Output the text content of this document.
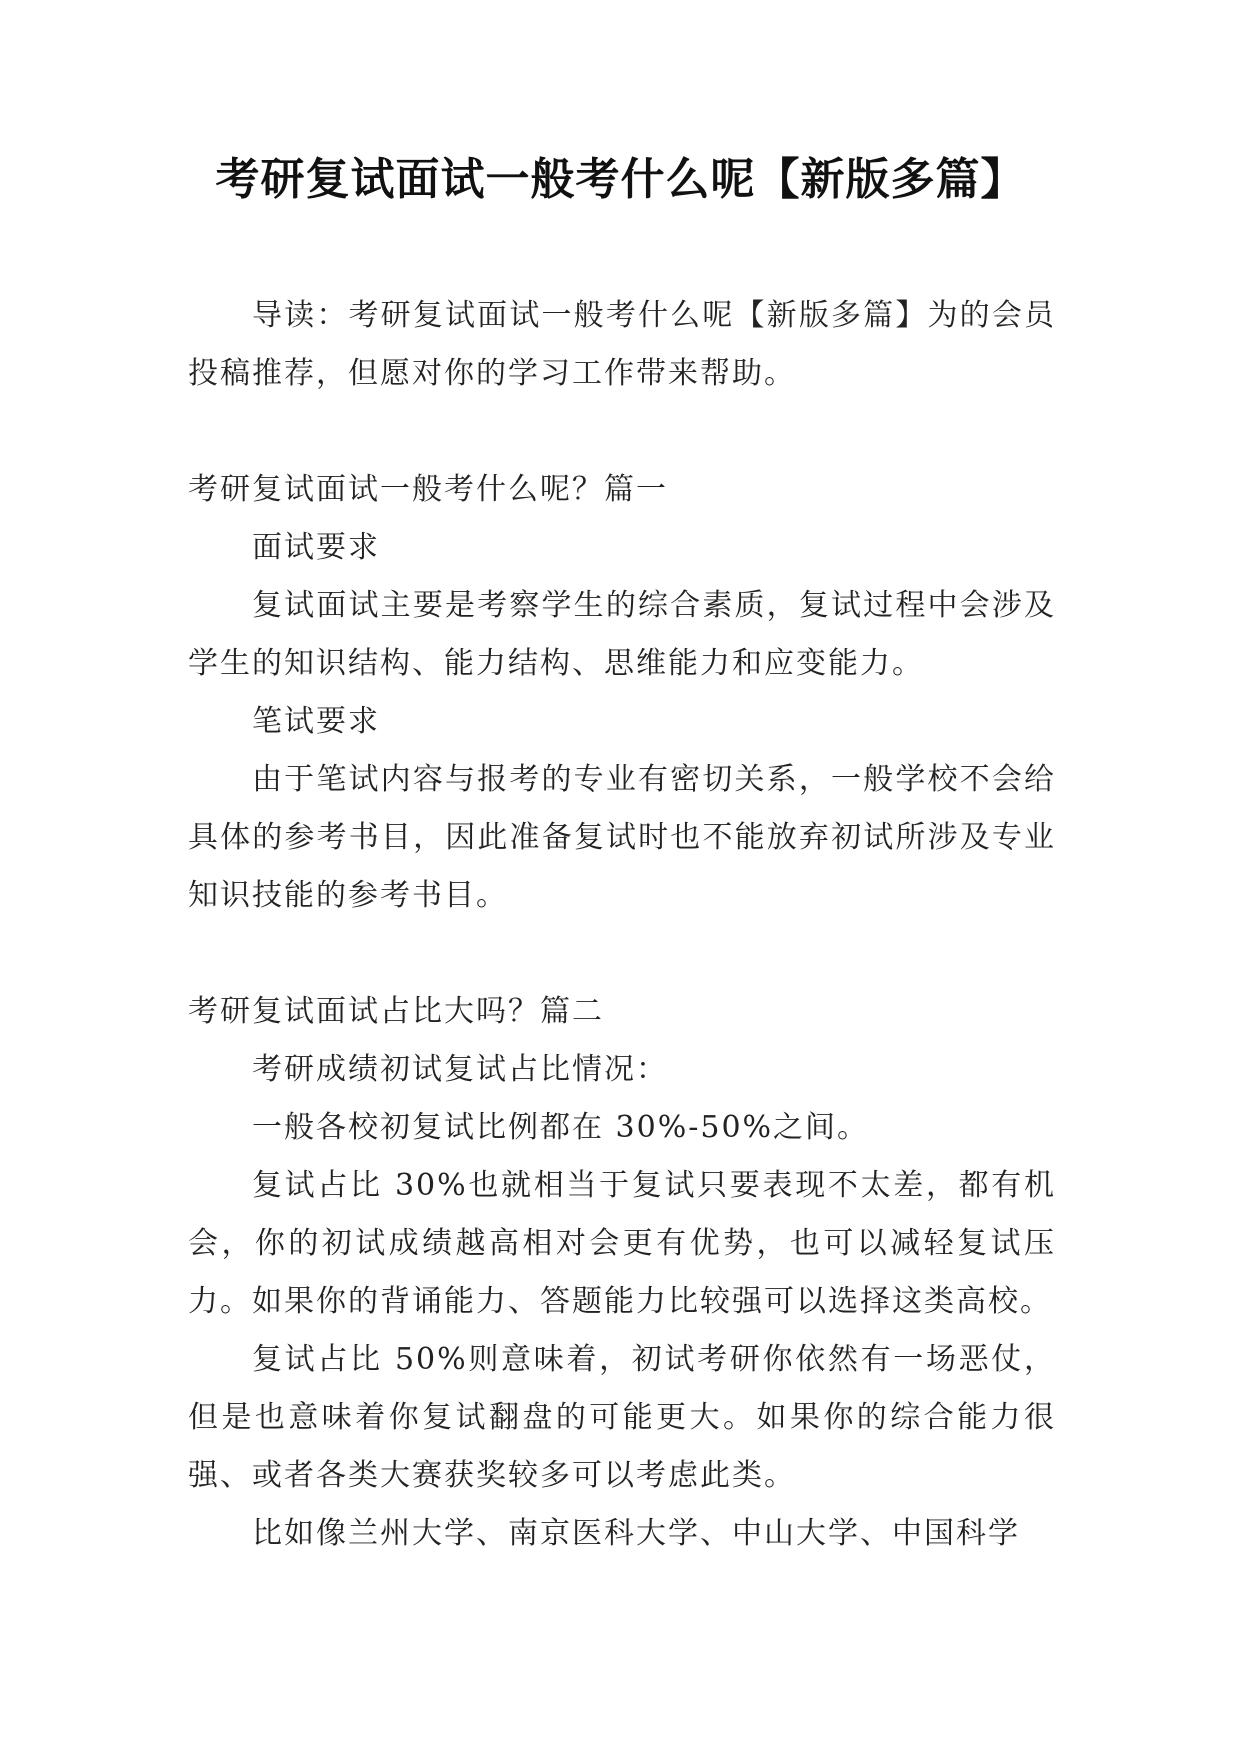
考研复试面试一般考什么呢【新版多篇】

导读：考研复试面试一般考什么呢【新版多篇】为的会员投稿推荐，但愿对你的学习工作带来帮助。

考研复试面试一般考什么呢？篇一

面试要求

复试面试主要是考察学生的综合素质，复试过程中会涉及学生的知识结构、能力结构、思维能力和应变能力。

笔试要求

由于笔试内容与报考的专业有密切关系，一般学校不会给具体的参考书目，因此准备复试时也不能放弃初试所涉及专业知识技能的参考书目。

考研复试面试占比大吗？篇二

考研成绩初试复试占比情况：

一般各校初复试比例都在 30%-50%之间。

复试占比 30%也就相当于复试只要表现不太差，都有机会，你的初试成绩越高相对会更有优势，也可以减轻复试压力。如果你的背诵能力、答题能力比较强可以选择这类高校。

复试占比 50%则意味着，初试考研你依然有一场恶仗，但是也意味着你复试翻盘的可能更大。如果你的综合能力很强、或者各类大赛获奖较多可以考虑此类。

比如像兰州大学、南京医科大学、中山大学、中国科学
